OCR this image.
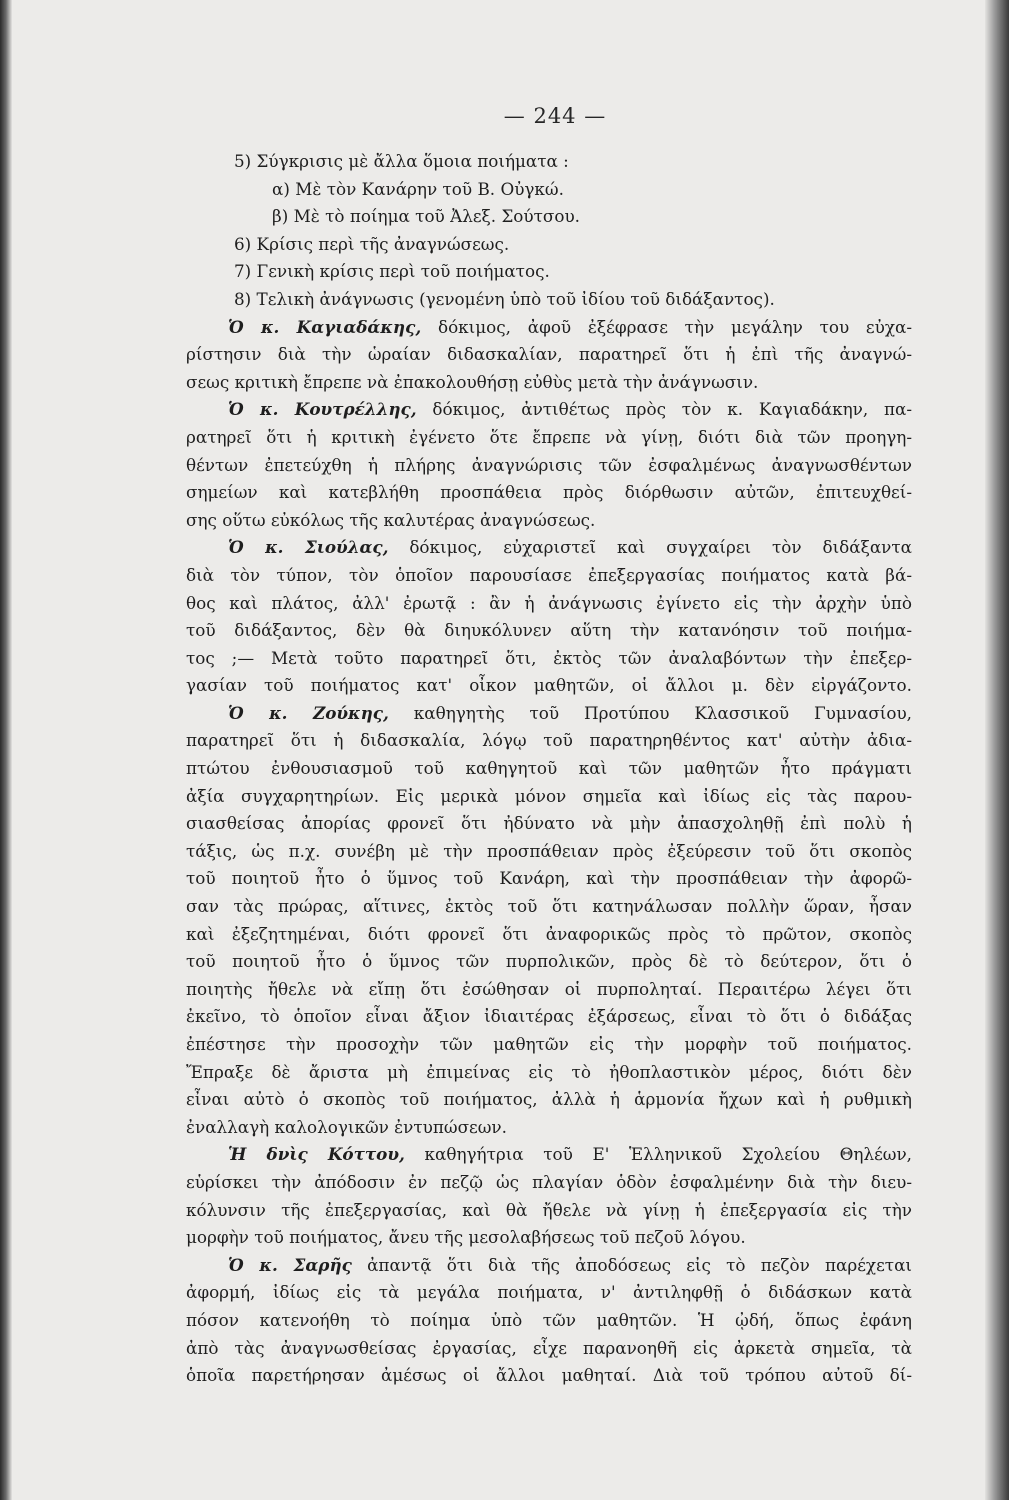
— 244 —
5) Σύγκρισις μὲ ἄλλα ὅμοια ποιήματα :
α) Μὲ τὸν Κανάρην τοῦ Β. Οὐγκώ.
β) Μὲ τὸ ποίημα τοῦ Ἀλεξ. Σούτσου.
6) Κρίσις περὶ τῆς ἀναγνώσεως.
7) Γενικὴ κρίσις περὶ τοῦ ποιήματος.
8) Τελικὴ ἀνάγνωσις (γενομένη ὑπὸ τοῦ ἰδίου τοῦ διδάξαντος).
Ὁ κ. Καγιαδάκης, δόκιμος, ἀφοῦ ἐξέφρασε τὴν μεγάλην του εὐχα-
ρίστησιν διὰ τὴν ὡραίαν διδασκαλίαν, παρατηρεῖ ὅτι ἡ ἐπὶ τῆς ἀναγνώ-
σεως κριτικὴ ἔπρεπε νὰ ἐπακολουθήσῃ εὐθὺς μετὰ τὴν ἀνάγνωσιν.
Ὁ κ. Κουτρέλλης, δόκιμος, ἀντιθέτως πρὸς τὸν κ. Καγιαδάκην, πα-
ρατηρεῖ ὅτι ἡ κριτικὴ ἐγένετο ὅτε ἔπρεπε νὰ γίνῃ, διότι διὰ τῶν προηγη-
θέντων ἐπετεύχθη ἡ πλήρης ἀναγνώρισις τῶν ἐσφαλμένως ἀναγνωσθέντων
σημείων καὶ κατεβλήθη προσπάθεια πρὸς διόρθωσιν αὐτῶν, ἐπιτευχθεί-
σης οὕτω εὐκόλως τῆς καλυτέρας ἀναγνώσεως.
Ὁ κ. Σιούλας, δόκιμος, εὐχαριστεῖ καὶ συγχαίρει τὸν διδάξαντα
διὰ τὸν τύπον, τὸν ὁποῖον παρουσίασε ἐπεξεργασίας ποιήματος κατὰ βά-
θος καὶ πλάτος, ἀλλ' ἐρωτᾷ : ἂν ἡ ἀνάγνωσις ἐγίνετο εἰς τὴν ἀρχὴν ὑπὸ
τοῦ διδάξαντος, δὲν θὰ διηυκόλυνεν αὕτη τὴν κατανόησιν τοῦ ποιήμα-
τος ;— Μετὰ τοῦτο παρατηρεῖ ὅτι, ἐκτὸς τῶν ἀναλαβόντων τὴν ἐπεξερ-
γασίαν τοῦ ποιήματος κατ' οἶκον μαθητῶν, οἱ ἄλλοι μ. δὲν εἰργάζοντο.
Ὁ κ. Ζούκης, καθηγητὴς τοῦ Προτύπου Κλασσικοῦ Γυμνασίου,
παρατηρεῖ ὅτι ἡ διδασκαλία, λόγῳ τοῦ παρατηρηθέντος κατ' αὐτὴν ἀδια-
πτώτου ἐνθουσιασμοῦ τοῦ καθηγητοῦ καὶ τῶν μαθητῶν ἦτο πράγματι
ἀξία συγχαρητηρίων. Εἰς μερικὰ μόνον σημεῖα καὶ ἰδίως εἰς τὰς παρου-
σιασθείσας ἀπορίας φρονεῖ ὅτι ἠδύνατο νὰ μὴν ἀπασχοληθῇ ἐπὶ πολὺ ἡ
τάξις, ὡς π.χ. συνέβη μὲ τὴν προσπάθειαν πρὸς ἐξεύρεσιν τοῦ ὅτι σκοπὸς
τοῦ ποιητοῦ ἦτο ὁ ὕμνος τοῦ Κανάρη, καὶ τὴν προσπάθειαν τὴν ἀφορῶ-
σαν τὰς πρώρας, αἵτινες, ἐκτὸς τοῦ ὅτι κατηνάλωσαν πολλὴν ὥραν, ἦσαν
καὶ ἐξεζητημέναι, διότι φρονεῖ ὅτι ἀναφορικῶς πρὸς τὸ πρῶτον, σκοπὸς
τοῦ ποιητοῦ ἦτο ὁ ὕμνος τῶν πυρπολικῶν, πρὸς δὲ τὸ δεύτερον, ὅτι ὁ
ποιητὴς ἤθελε νὰ εἴπῃ ὅτι ἐσώθησαν οἱ πυρποληταί. Περαιτέρω λέγει ὅτι
ἐκεῖνο, τὸ ὁποῖον εἶναι ἄξιον ἰδιαιτέρας ἐξάρσεως, εἶναι τὸ ὅτι ὁ διδάξας
ἐπέστησε τὴν προσοχὴν τῶν μαθητῶν εἰς τὴν μορφὴν τοῦ ποιήματος.
Ἔπραξε δὲ ἄριστα μὴ ἐπιμείνας εἰς τὸ ἠθοπλαστικὸν μέρος, διότι δὲν
εἶναι αὐτὸ ὁ σκοπὸς τοῦ ποιήματος, ἀλλὰ ἡ ἁρμονία ἤχων καὶ ἡ ρυθμικὴ
ἐναλλαγὴ καλολογικῶν ἐντυπώσεων.
Ἡ δνὶς Κόττου, καθηγήτρια τοῦ Ε' Ἑλληνικοῦ Σχολείου Θηλέων,
εὑρίσκει τὴν ἀπόδοσιν ἐν πεζῷ ὡς πλαγίαν ὁδὸν ἐσφαλμένην διὰ τὴν διευ-
κόλυνσιν τῆς ἐπεξεργασίας, καὶ θὰ ἤθελε νὰ γίνῃ ἡ ἐπεξεργασία εἰς τὴν
μορφὴν τοῦ ποιήματος, ἄνευ τῆς μεσολαβήσεως τοῦ πεζοῦ λόγου.
Ὁ κ. Σαρῆς ἀπαντᾷ ὅτι διὰ τῆς ἀποδόσεως εἰς τὸ πεζὸν παρέχεται
ἀφορμή, ἰδίως εἰς τὰ μεγάλα ποιήματα, ν' ἀντιληφθῇ ὁ διδάσκων κατὰ
πόσον κατενοήθη τὸ ποίημα ὑπὸ τῶν μαθητῶν. Ἡ ᾠδή, ὅπως ἐφάνη
ἀπὸ τὰς ἀναγνωσθείσας ἐργασίας, εἶχε παρανοηθῆ εἰς ἀρκετὰ σημεῖα, τὰ
ὁποῖα παρετήρησαν ἀμέσως οἱ ἄλλοι μαθηταί. Διὰ τοῦ τρόπου αὐτοῦ δί-
